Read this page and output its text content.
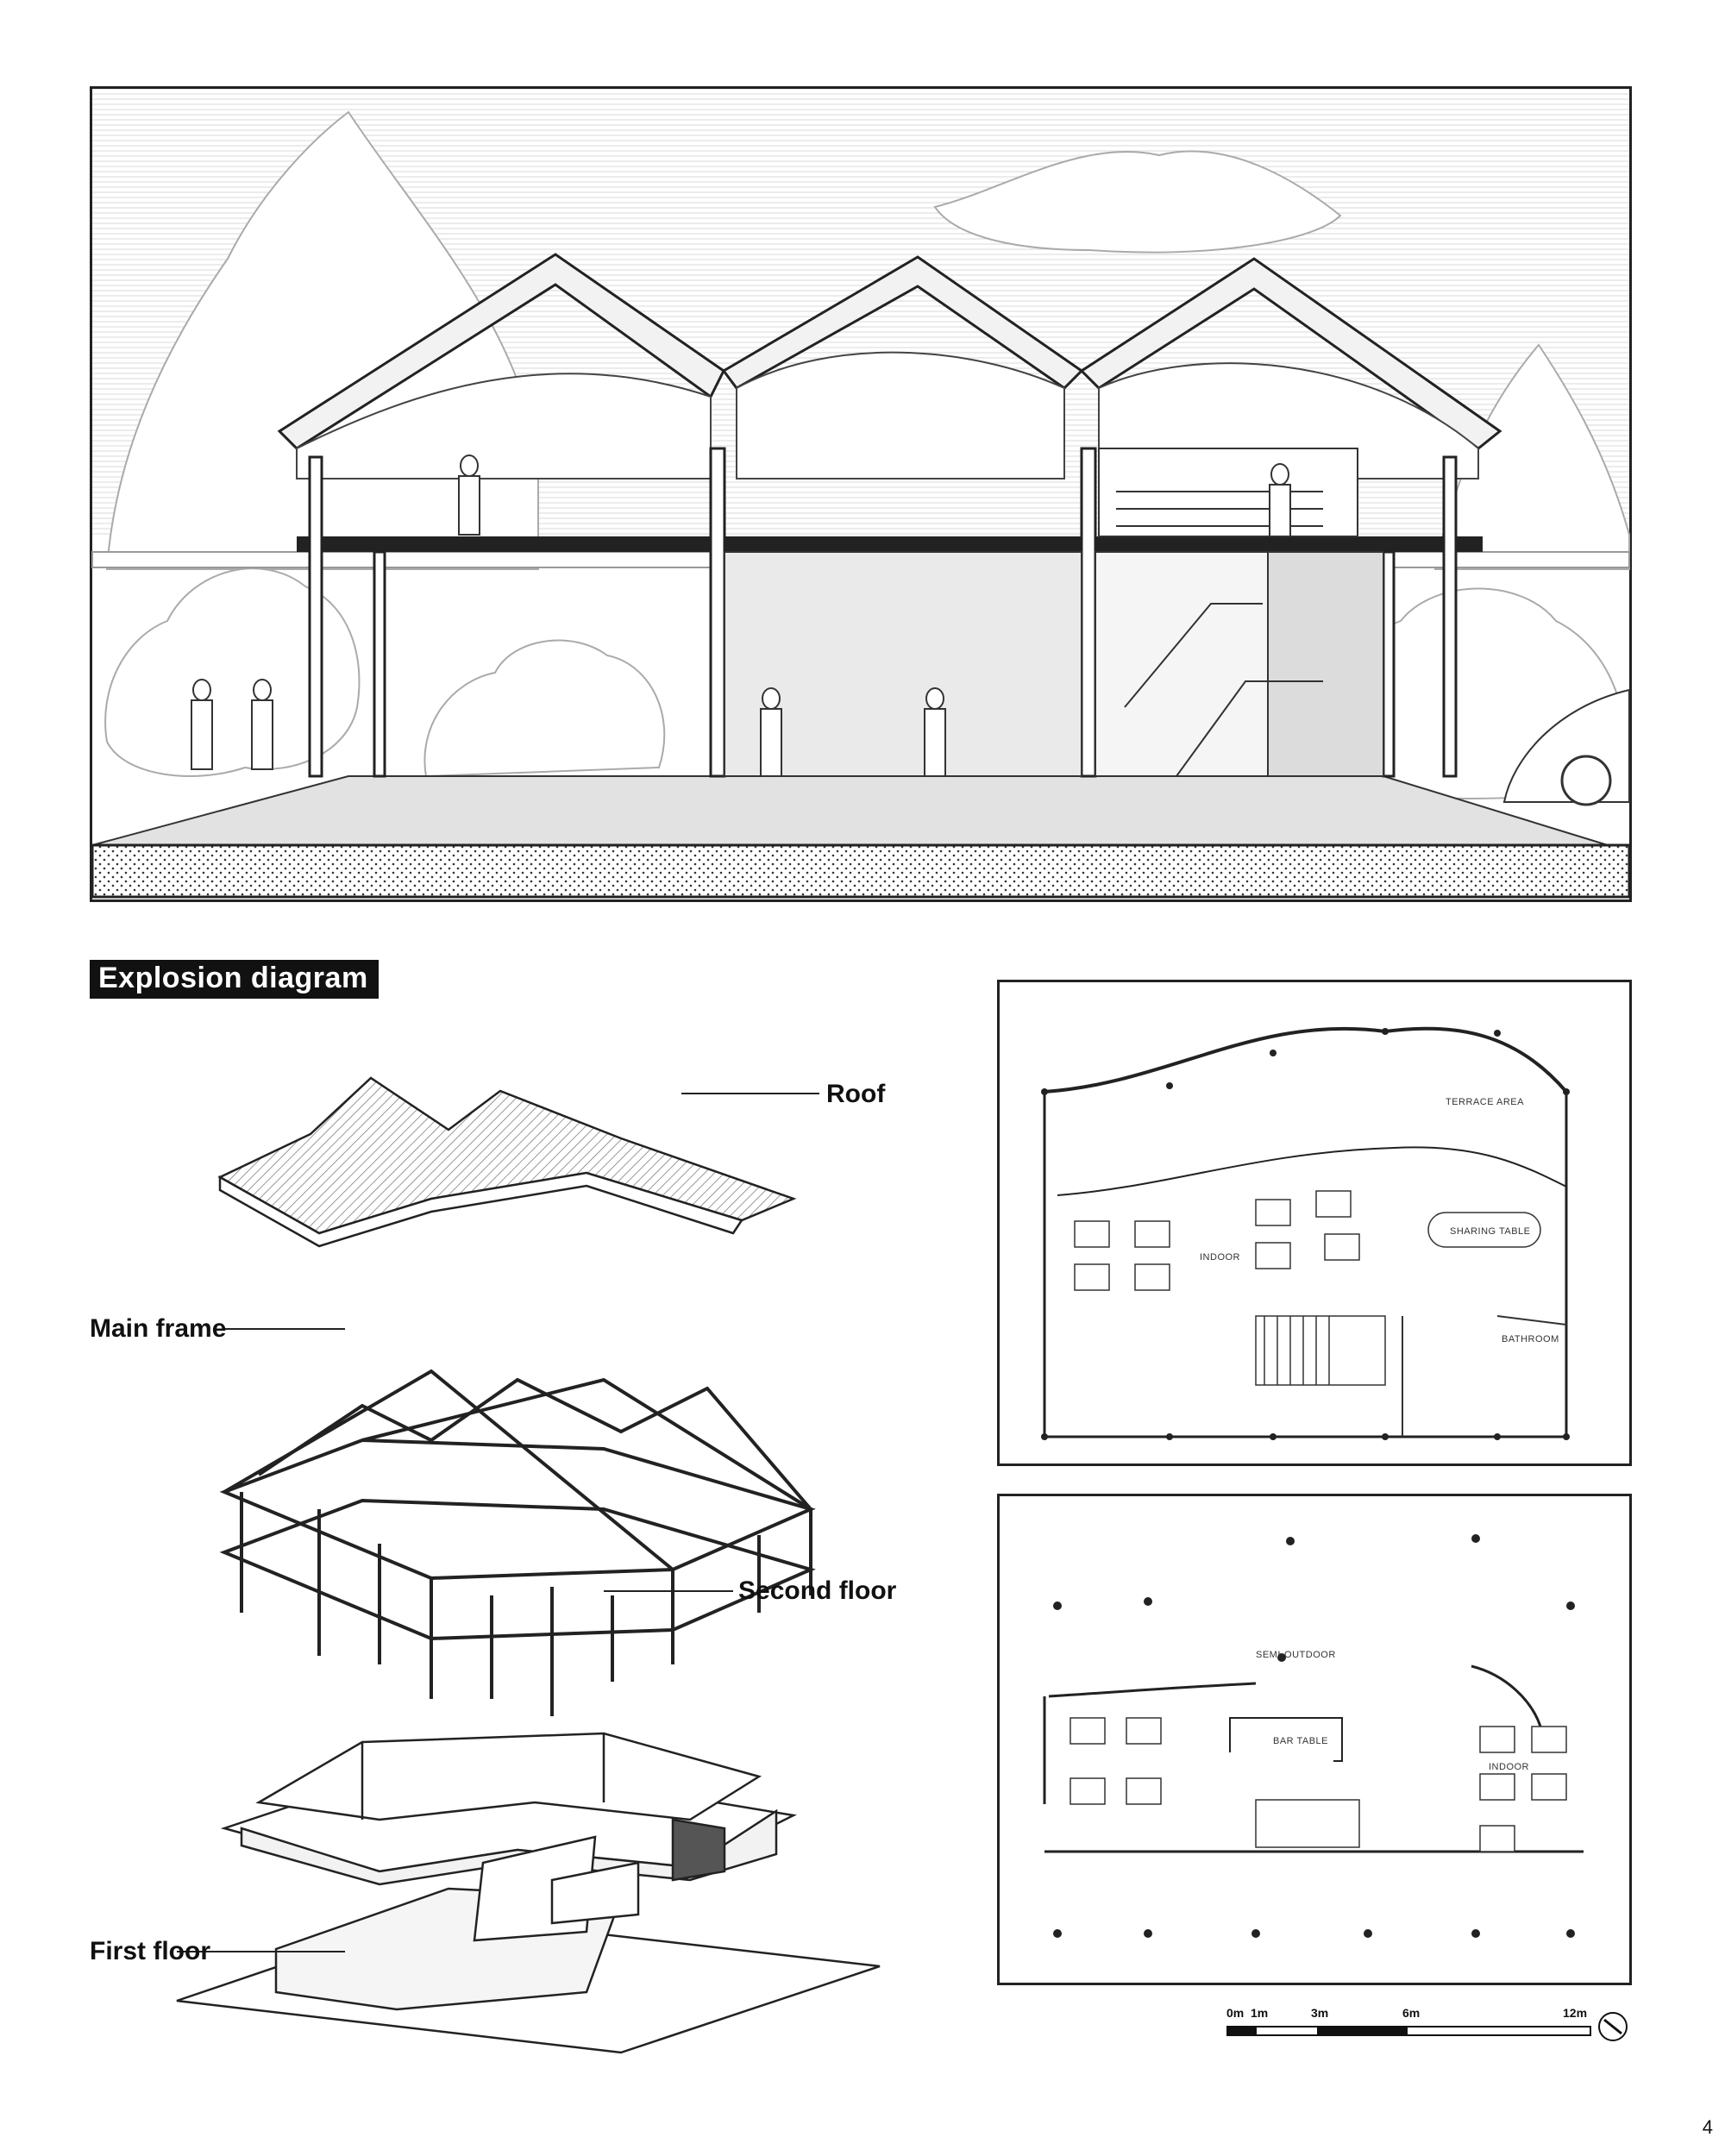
Explosion diagram
Roof
Main frame
Second floor
First floor
TERRACE AREA
INDOOR
SHARING TABLE
BATHROOM
SEMI-OUTDOOR
BAR TABLE
INDOOR
0m 1m	3m	6m	12m
4
